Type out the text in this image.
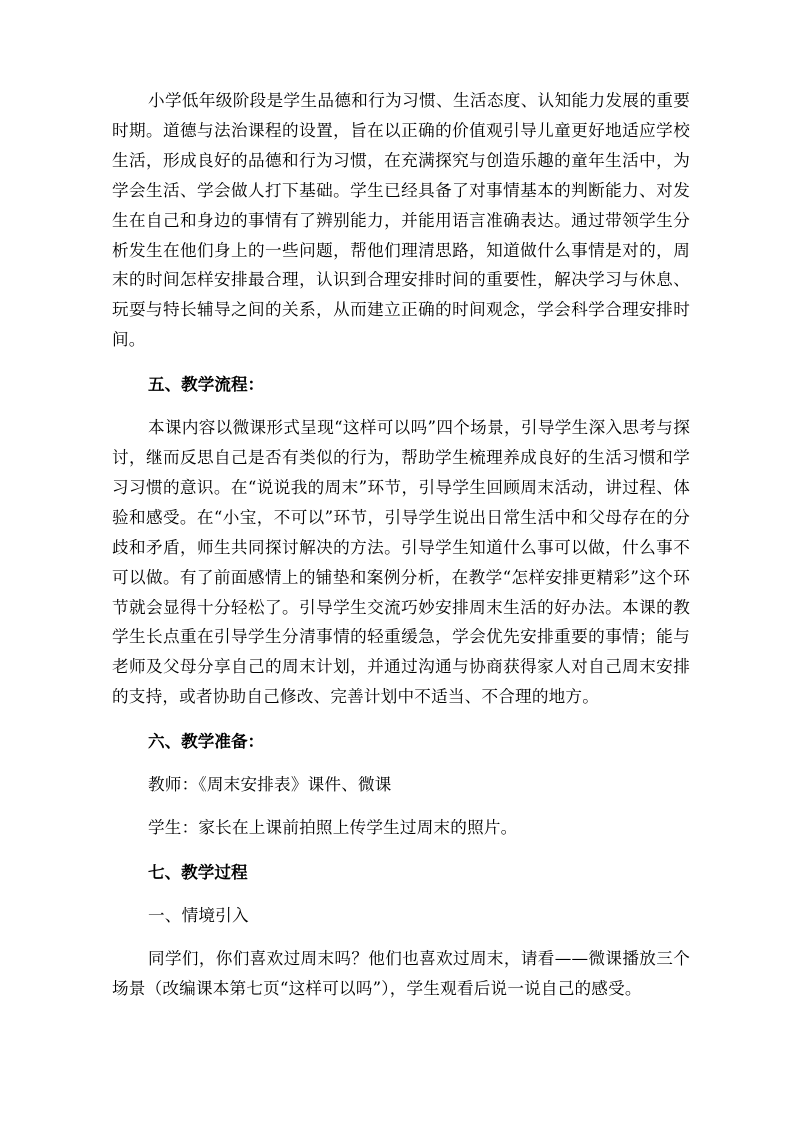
小学低年级阶段是学生品德和行为习惯、生活态度、认知能力发展的重要时期。道德与法治课程的设置，旨在以正确的价值观引导儿童更好地适应学校生活，形成良好的品德和行为习惯，在充满探究与创造乐趣的童年生活中，为学会生活、学会做人打下基础。学生已经具备了对事情基本的判断能力、对发生在自己和身边的事情有了辨别能力，并能用语言准确表达。通过带领学生分析发生在他们身上的一些问题，帮他们理清思路，知道做什么事情是对的，周末的时间怎样安排最合理，认识到合理安排时间的重要性，解决学习与休息、玩耍与特长辅导之间的关系，从而建立正确的时间观念，学会科学合理安排时间。

五、教学流程：

本课内容以微课形式呈现“这样可以吗”四个场景，引导学生深入思考与探讨，继而反思自己是否有类似的行为，帮助学生梳理养成良好的生活习惯和学习习惯的意识。在“说说我的周末”环节，引导学生回顾周末活动，讲过程、体验和感受。在“小宝，不可以”环节，引导学生说出日常生活中和父母存在的分歧和矛盾，师生共同探讨解决的方法。引导学生知道什么事可以做，什么事不可以做。有了前面感情上的铺垫和案例分析，在教学“怎样安排更精彩”这个环节就会显得十分轻松了。引导学生交流巧妙安排周末生活的好办法。本课的教学生长点重在引导学生分清事情的轻重缓急，学会优先安排重要的事情；能与老师及父母分享自己的周末计划，并通过沟通与协商获得家人对自己周末安排的支持，或者协助自己修改、完善计划中不适当、不合理的地方。

六、教学准备：

教师：《周末安排表》课件、微课

学生：家长在上课前拍照上传学生过周末的照片。

七、教学过程

一、情境引入

同学们，你们喜欢过周末吗？他们也喜欢过周末，请看——微课播放三个场景（改编课本第七页“这样可以吗”），学生观看后说一说自己的感受。
